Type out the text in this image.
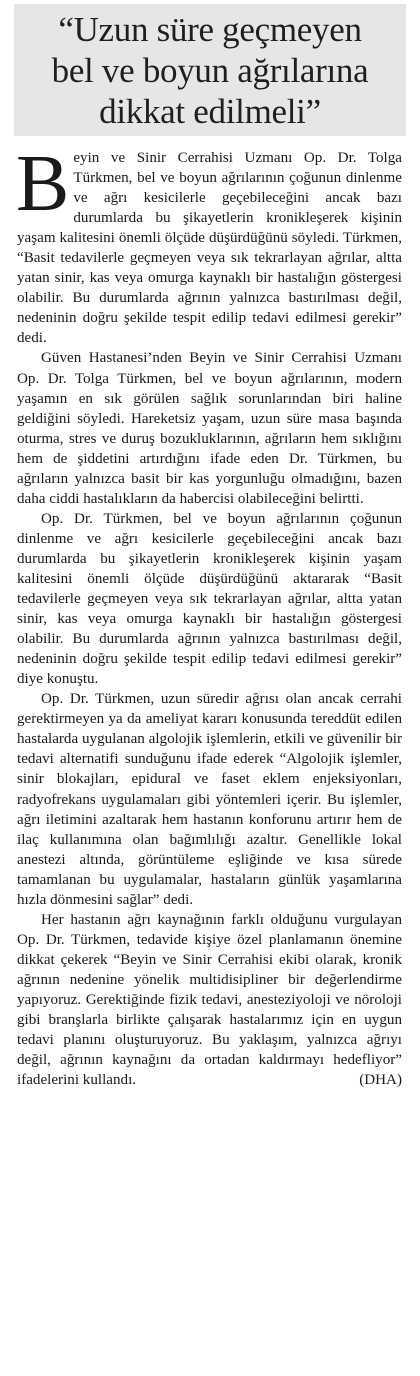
“Uzun süre geçmeyen
bel ve boyun ağrılarına
dikkat edilmeli”

Beyin ve Sinir Cerrahisi Uzmanı Op. Dr. Tolga Türkmen, bel ve boyun ağrılarının çoğunun dinlenme ve ağrı kesicilerle geçebileceğini ancak bazı durumlarda bu şikayetlerin kronikleşerek kişinin yaşam kalitesini önemli ölçüde düşürdüğünü söyledi. Türkmen, “Basit tedavilerle geçmeyen veya sık tekrarlayan ağrılar, altta yatan sinir, kas veya omurga kaynaklı bir hastalığın göstergesi olabilir. Bu durumlarda ağrının yalnızca bastırılması değil, nedeninin doğru şekilde tespit edilip tedavi edilmesi gerekir” dedi.

Güven Hastanesi’nden Beyin ve Sinir Cerrahisi Uzmanı Op. Dr. Tolga Türkmen, bel ve boyun ağrılarının, modern yaşamın en sık görülen sağlık sorunlarından biri haline geldiğini söyledi. Hareketsiz yaşam, uzun süre masa başında oturma, stres ve duruş bozukluklarının, ağrıların hem sıklığını hem de şiddetini artırdığını ifade eden Dr. Türkmen, bu ağrıların yalnızca basit bir kas yorgunluğu olmadığını, bazen daha ciddi hastalıkların da habercisi olabileceğini belirtti.

Op. Dr. Türkmen, bel ve boyun ağrılarının çoğunun dinlenme ve ağrı kesicilerle geçebileceğini ancak bazı durumlarda bu şikayetlerin kronikleşerek kişinin yaşam kalitesini önemli ölçüde düşürdüğünü aktararak “Basit tedavilerle geçmeyen veya sık tekrarlayan ağrılar, altta yatan sinir, kas veya omurga kaynaklı bir hastalığın göstergesi olabilir. Bu durumlarda ağrının yalnızca bastırılması değil, nedeninin doğru şekilde tespit edilip tedavi edilmesi gerekir” diye konuştu.

Op. Dr. Türkmen, uzun süredir ağrısı olan ancak cerrahi gerektirmeyen ya da ameliyat kararı konusunda tereddüt edilen hastalarda uygulanan algolojik işlemlerin, etkili ve güvenilir bir tedavi alternatifi sunduğunu ifade ederek “Algolojik işlemler, sinir blokajları, epidural ve faset eklem enjeksiyonları, radyofrekans uygulamaları gibi yöntemleri içerir. Bu işlemler, ağrı iletimini azaltarak hem hastanın konforunu artırır hem de ilaç kullanımına olan bağımlılığı azaltır. Genellikle lokal anestezi altında, görüntüleme eşliğinde ve kısa sürede tamamlanan bu uygulamalar, hastaların günlük yaşamlarına hızla dönmesini sağlar” dedi.

Her hastanın ağrı kaynağının farklı olduğunu vurgulayan Op. Dr. Türkmen, tedavide kişiye özel planlamanın önemine dikkat çekerek “Beyin ve Sinir Cerrahisi ekibi olarak, kronik ağrının nedenine yönelik multidisipliner bir değerlendirme yapıyoruz. Gerektiğinde fizik tedavi, anesteziyoloji ve nöroloji gibi branşlarla birlikte çalışarak hastalarımız için en uygun tedavi planını oluşturuyoruz. Bu yaklaşım, yalnızca ağrıyı değil, ağrının kaynağını da ortadan kaldırmayı hedefliyor” ifadelerini kullandı.	(DHA)
